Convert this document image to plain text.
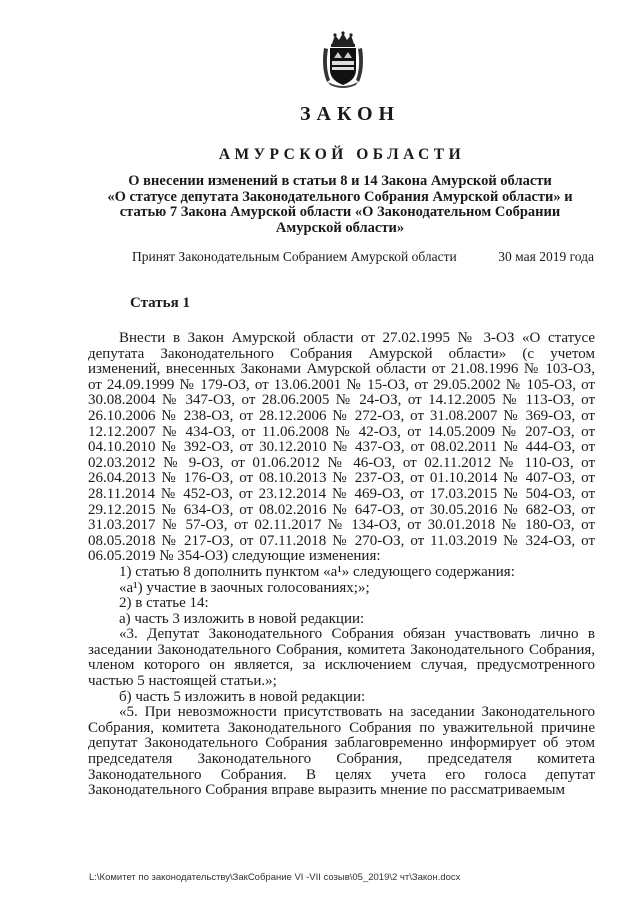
ЗАКОН
АМУРСКОЙ ОБЛАСТИ
О внесении изменений в статьи 8 и 14 Закона Амурской области
«О статусе депутата Законодательного Собрания Амурской области» и
статью 7 Закона Амурской области «О Законодательном Собрании
Амурской области»
Принят Законодательным Собранием Амурской области	30 мая 2019 года
Статья 1

Внести в Закон Амурской области от 27.02.1995 № 3-ОЗ «О статусе депутата Законодательного Собрания Амурской области» (с учетом изменений, внесенных Законами Амурской области от 21.08.1996 № 103-ОЗ, от 24.09.1999 № 179-ОЗ, от 13.06.2001 № 15-ОЗ, от 29.05.2002 № 105-ОЗ, от 30.08.2004 № 347-ОЗ, от 28.06.2005 № 24-ОЗ, от 14.12.2005 № 113-ОЗ, от 26.10.2006 № 238-ОЗ, от 28.12.2006 № 272-ОЗ, от 31.08.2007 № 369-ОЗ, от 12.12.2007 № 434-ОЗ, от 11.06.2008 № 42-ОЗ, от 14.05.2009 № 207-ОЗ, от 04.10.2010 № 392-ОЗ, от 30.12.2010 № 437-ОЗ, от 08.02.2011 № 444-ОЗ, от 02.03.2012 № 9-ОЗ, от 01.06.2012 № 46-ОЗ, от 02.11.2012 № 110-ОЗ, от 26.04.2013 № 176-ОЗ, от 08.10.2013 № 237-ОЗ, от 01.10.2014 № 407-ОЗ, от 28.11.2014 № 452-ОЗ, от 23.12.2014 № 469-ОЗ, от 17.03.2015 № 504-ОЗ, от 29.12.2015 № 634-ОЗ, от 08.02.2016 № 647-ОЗ, от 30.05.2016 № 682-ОЗ, от 31.03.2017 № 57-ОЗ, от 02.11.2017 № 134-ОЗ, от 30.01.2018 № 180-ОЗ, от 08.05.2018 № 217-ОЗ, от 07.11.2018 № 270-ОЗ, от 11.03.2019 № 324-ОЗ, от 06.05.2019 № 354-ОЗ) следующие изменения:

1) статью 8 дополнить пунктом «а¹» следующего содержания:

«а¹) участие в заочных голосованиях;»;

2) в статье 14:

а) часть 3 изложить в новой редакции:

«3. Депутат Законодательного Собрания обязан участвовать лично в заседании Законодательного Собрания, комитета Законодательного Собрания, членом которого он является, за исключением случая, предусмотренного частью 5 настоящей статьи.»;

б) часть 5 изложить в новой редакции:

«5. При невозможности присутствовать на заседании Законодательного Собрания, комитета Законодательного Собрания по уважительной причине депутат Законодательного Собрания заблаговременно информирует об этом председателя Законодательного Собрания, председателя комитета Законодательного Собрания. В целях учета его голоса депутат Законодательного Собрания вправе выразить мнение по рассматриваемым

L:\Комитет по законодательству\ЗакСобрание VI -VII созыв\05_2019\2 чт\Закон.docx
